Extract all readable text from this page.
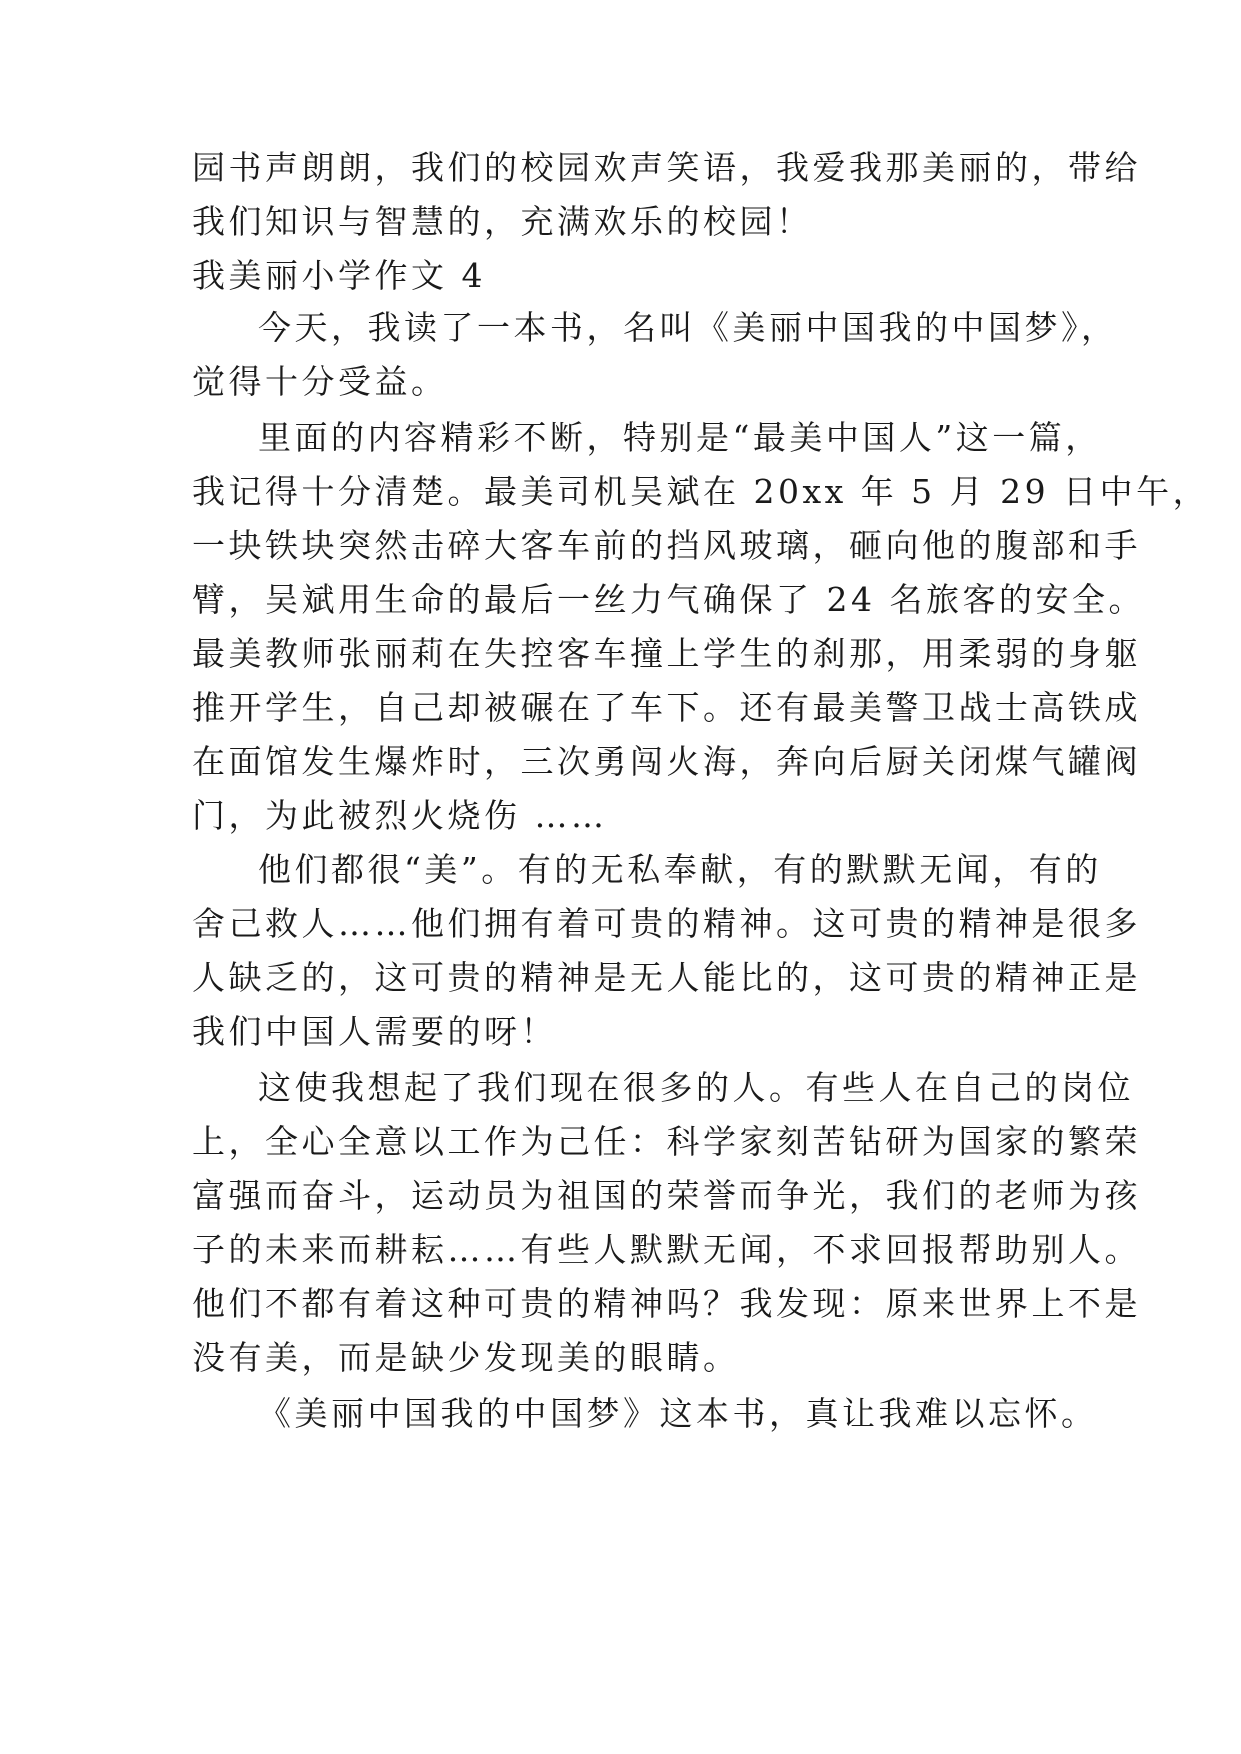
园书声朗朗，我们的校园欢声笑语，我爱我那美丽的，带给
我们知识与智慧的，充满欢乐的校园！
我美丽小学作文 4
今天，我读了一本书，名叫《美丽中国我的中国梦》，
觉得十分受益。
里面的内容精彩不断，特别是“最美中国人”这一篇，
我记得十分清楚。最美司机吴斌在 20xx 年 5 月 29 日中午，
一块铁块突然击碎大客车前的挡风玻璃，砸向他的腹部和手
臂，吴斌用生命的最后一丝力气确保了 24 名旅客的安全。
最美教师张丽莉在失控客车撞上学生的刹那，用柔弱的身躯
推开学生，自己却被碾在了车下。还有最美警卫战士高铁成
在面馆发生爆炸时，三次勇闯火海，奔向后厨关闭煤气罐阀
门，为此被烈火烧伤 ……
他们都很“美”。有的无私奉献，有的默默无闻，有的
舍己救人……他们拥有着可贵的精神。这可贵的精神是很多
人缺乏的，这可贵的精神是无人能比的，这可贵的精神正是
我们中国人需要的呀！
这使我想起了我们现在很多的人。有些人在自己的岗位
上，全心全意以工作为己任：科学家刻苦钻研为国家的繁荣
富强而奋斗，运动员为祖国的荣誉而争光，我们的老师为孩
子的未来而耕耘……有些人默默无闻，不求回报帮助别人。
他们不都有着这种可贵的精神吗？我发现：原来世界上不是
没有美，而是缺少发现美的眼睛。
《美丽中国我的中国梦》这本书，真让我难以忘怀。
